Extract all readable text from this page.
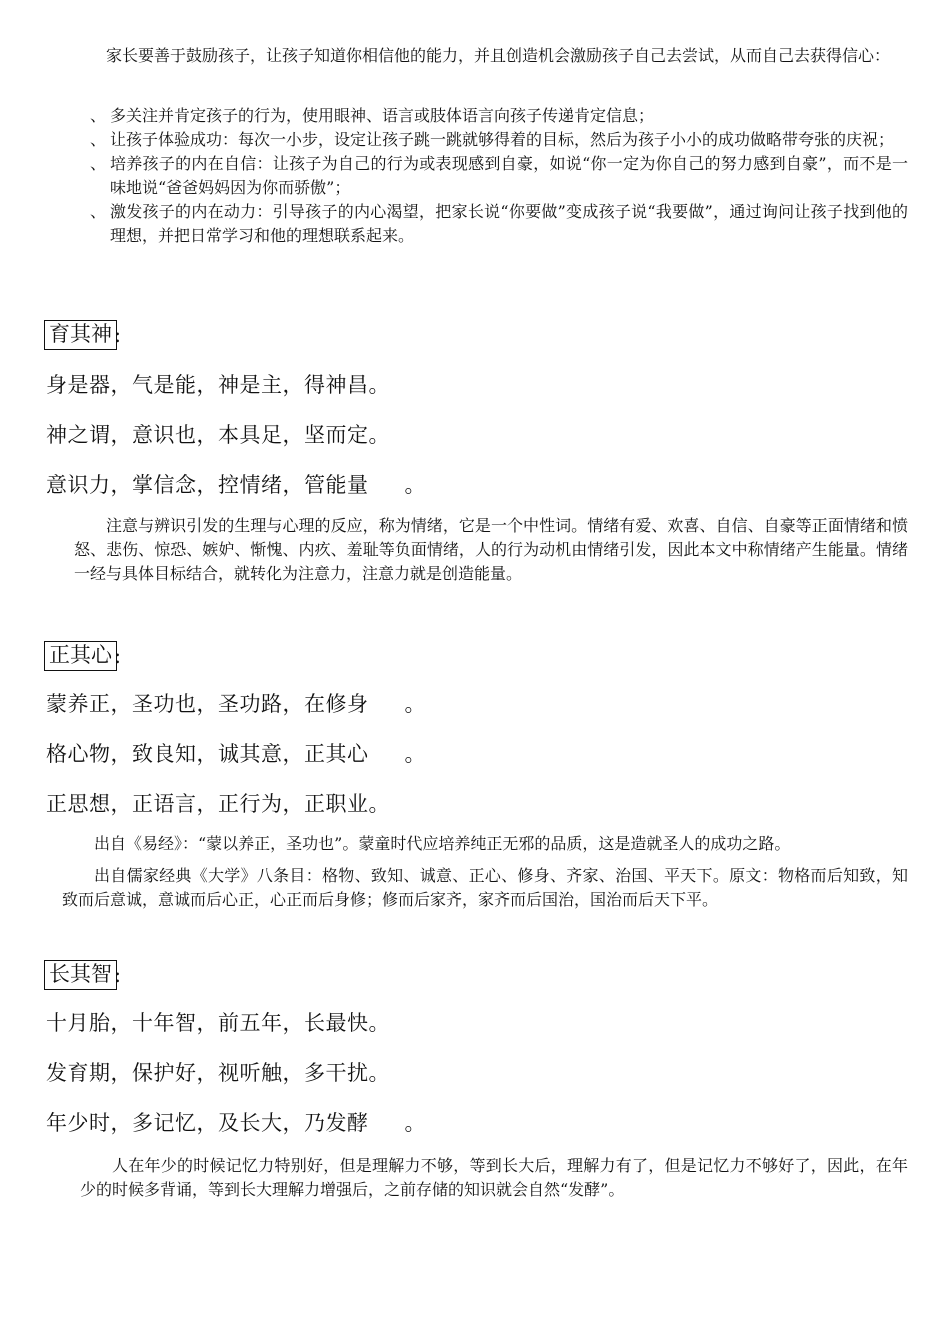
家长要善于鼓励孩子，让孩子知道你相信他的能力，并且创造机会激励孩子自己去尝试，从而自己去获得信心：

、 多关注并肯定孩子的行为，使用眼神、语言或肢体语言向孩子传递肯定信息；

、 让孩子体验成功：每次一小步，设定让孩子跳一跳就够得着的目标，然后为孩子小小的成功做略带夸张的庆祝；

、 培养孩子的内在自信：让孩子为自己的行为或表现感到自豪，如说“你一定为你自己的努力感到自豪”，而不是一味地说“爸爸妈妈因为你而骄傲”；

、 激发孩子的内在动力：引导孩子的内心渴望，把家长说“你要做”变成孩子说“我要做”，通过询问让孩子找到他的理想，并把日常学习和他的理想联系起来。

育其神 :
身是器，气是能，神是主，得神昌。
神之谓，意识也，本具足，坚而定。
意识力，掌信念，控情绪，管能量 。

注意与辨识引发的生理与心理的反应，称为情绪，它是一个中性词。情绪有爱、欢喜、自信、自豪等正面情绪和愤怒、悲伤、惊恐、嫉妒、惭愧、内疚、羞耻等负面情绪，人的行为动机由情绪引发，因此本文中称情绪产生能量。情绪一经与具体目标结合，就转化为注意力，注意力就是创造能量。

正其心 :
蒙养正，圣功也，圣功路，在修身 。
格心物，致良知，诚其意，正其心 。
正思想，正语言，正行为，正职业。

出自《易经》：“蒙以养正，圣功也”。蒙童时代应培养纯正无邪的品质，这是造就圣人的成功之路。

出自儒家经典《大学》八条目：格物、致知、诚意、正心、修身、齐家、治国、平天下。原文：物格而后知致，知致而后意诚，意诚而后心正，心正而后身修；修而后家齐，家齐而后国治，国治而后天下平。

长其智 :
十月胎，十年智，前五年，长最快。
发育期，保护好，视听触，多干扰。
年少时，多记忆，及长大，乃发酵 。

人在年少的时候记忆力特别好，但是理解力不够，等到长大后，理解力有了，但是记忆力不够好了，因此，在年少的时候多背诵，等到长大理解力增强后，之前存储的知识就会自然“发酵”。
